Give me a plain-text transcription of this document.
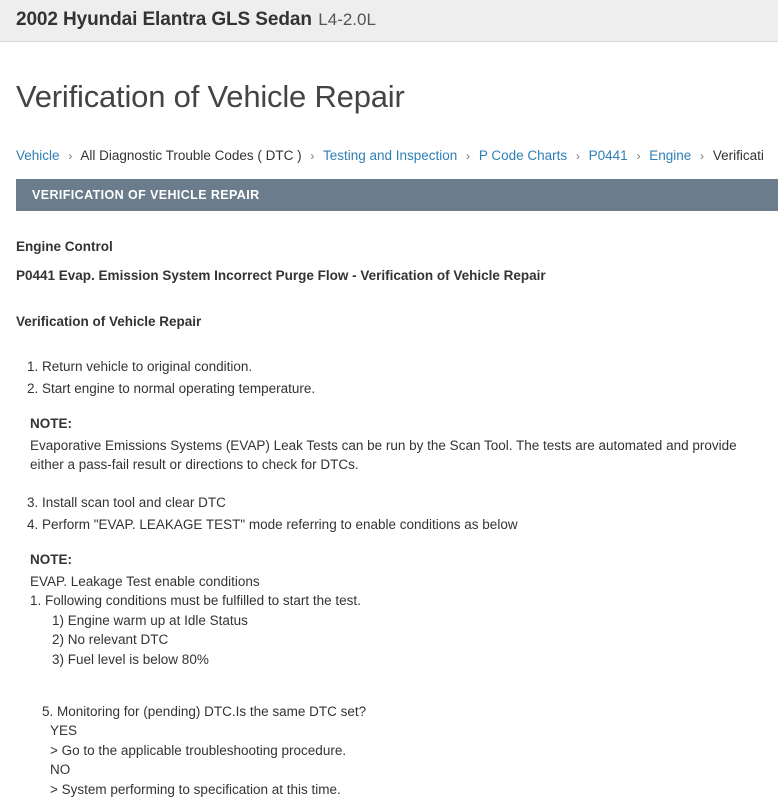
2002 Hyundai Elantra GLS Sedan L4-2.0L
Verification of Vehicle Repair
Vehicle › All Diagnostic Trouble Codes ( DTC ) › Testing and Inspection › P Code Charts › P0441 › Engine › Verificati
VERIFICATION OF VEHICLE REPAIR
Engine Control
P0441 Evap. Emission System Incorrect Purge Flow - Verification of Vehicle Repair
Verification of Vehicle Repair
1. Return vehicle to original condition.
2. Start engine to normal operating temperature.
NOTE:
Evaporative Emissions Systems (EVAP) Leak Tests can be run by the Scan Tool. The tests are automated and provide either a pass-fail result or directions to check for DTCs.
3. Install scan tool and clear DTC
4. Perform "EVAP. LEAKAGE TEST" mode referring to enable conditions as below
NOTE:
EVAP. Leakage Test enable conditions
1. Following conditions must be fulfilled to start the test.
1) Engine warm up at Idle Status
2) No relevant DTC
3) Fuel level is below 80%
5. Monitoring for (pending) DTC.Is the same DTC set?
YES
> Go to the applicable troubleshooting procedure.
NO
> System performing to specification at this time.
